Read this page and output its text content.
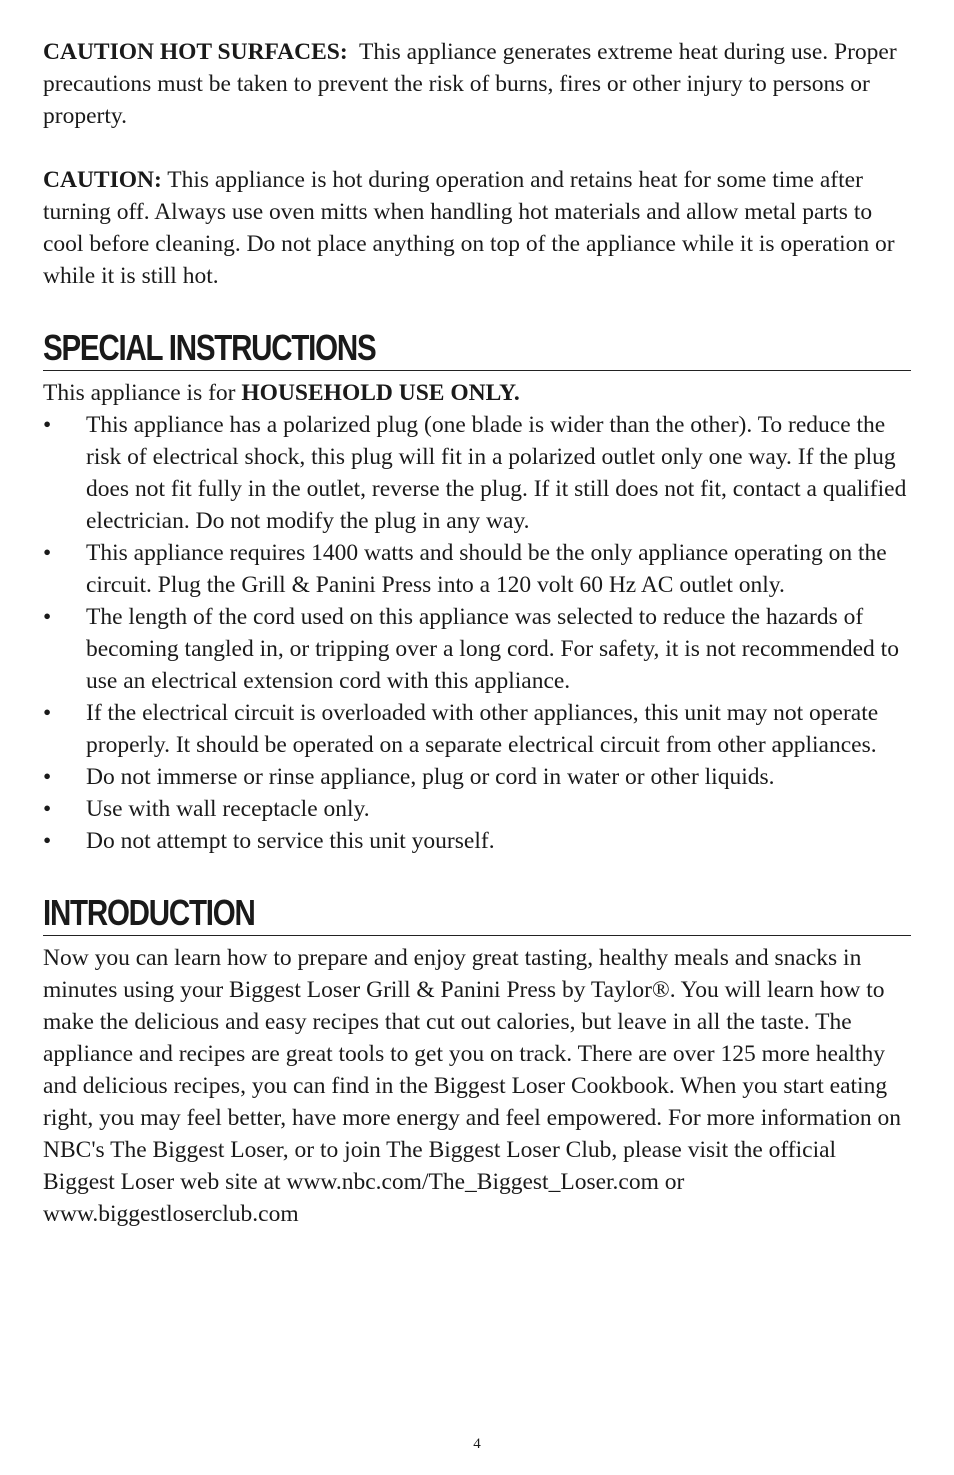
CAUTION HOT SURFACES: This appliance generates extreme heat during use. Proper precautions must be taken to prevent the risk of burns, fires or other injury to persons or property.

CAUTION: This appliance is hot during operation and retains heat for some time after turning off. Always use oven mitts when handling hot materials and allow metal parts to cool before cleaning. Do not place anything on top of the appliance while it is operation or while it is still hot.

SPECIAL INSTRUCTIONS

This appliance is for HOUSEHOLD USE ONLY.

• This appliance has a polarized plug (one blade is wider than the other). To reduce the risk of electrical shock, this plug will fit in a polarized outlet only one way. If the plug does not fit fully in the outlet, reverse the plug. If it still does not fit, contact a qualified electrician. Do not modify the plug in any way.
• This appliance requires 1400 watts and should be the only appliance operating on the circuit. Plug the Grill & Panini Press into a 120 volt 60 Hz AC outlet only.
• The length of the cord used on this appliance was selected to reduce the hazards of becoming tangled in, or tripping over a long cord. For safety, it is not recommended to use an electrical extension cord with this appliance.
• If the electrical circuit is overloaded with other appliances, this unit may not operate properly. It should be operated on a separate electrical circuit from other appliances.
• Do not immerse or rinse appliance, plug or cord in water or other liquids.
• Use with wall receptacle only.
• Do not attempt to service this unit yourself.
INTRODUCTION

Now you can learn how to prepare and enjoy great tasting, healthy meals and snacks in minutes using your Biggest Loser Grill & Panini Press by Taylor®. You will learn how to make the delicious and easy recipes that cut out calories, but leave in all the taste. The appliance and recipes are great tools to get you on track. There are over 125 more healthy and delicious recipes, you can find in the Biggest Loser Cookbook. When you start eating right, you may feel better, have more energy and feel empowered. For more information on NBC's The Biggest Loser, or to join The Biggest Loser Club, please visit the official Biggest Loser web site at www.nbc.com/The_Biggest_Loser.com or www.biggestloserclub.com

4
